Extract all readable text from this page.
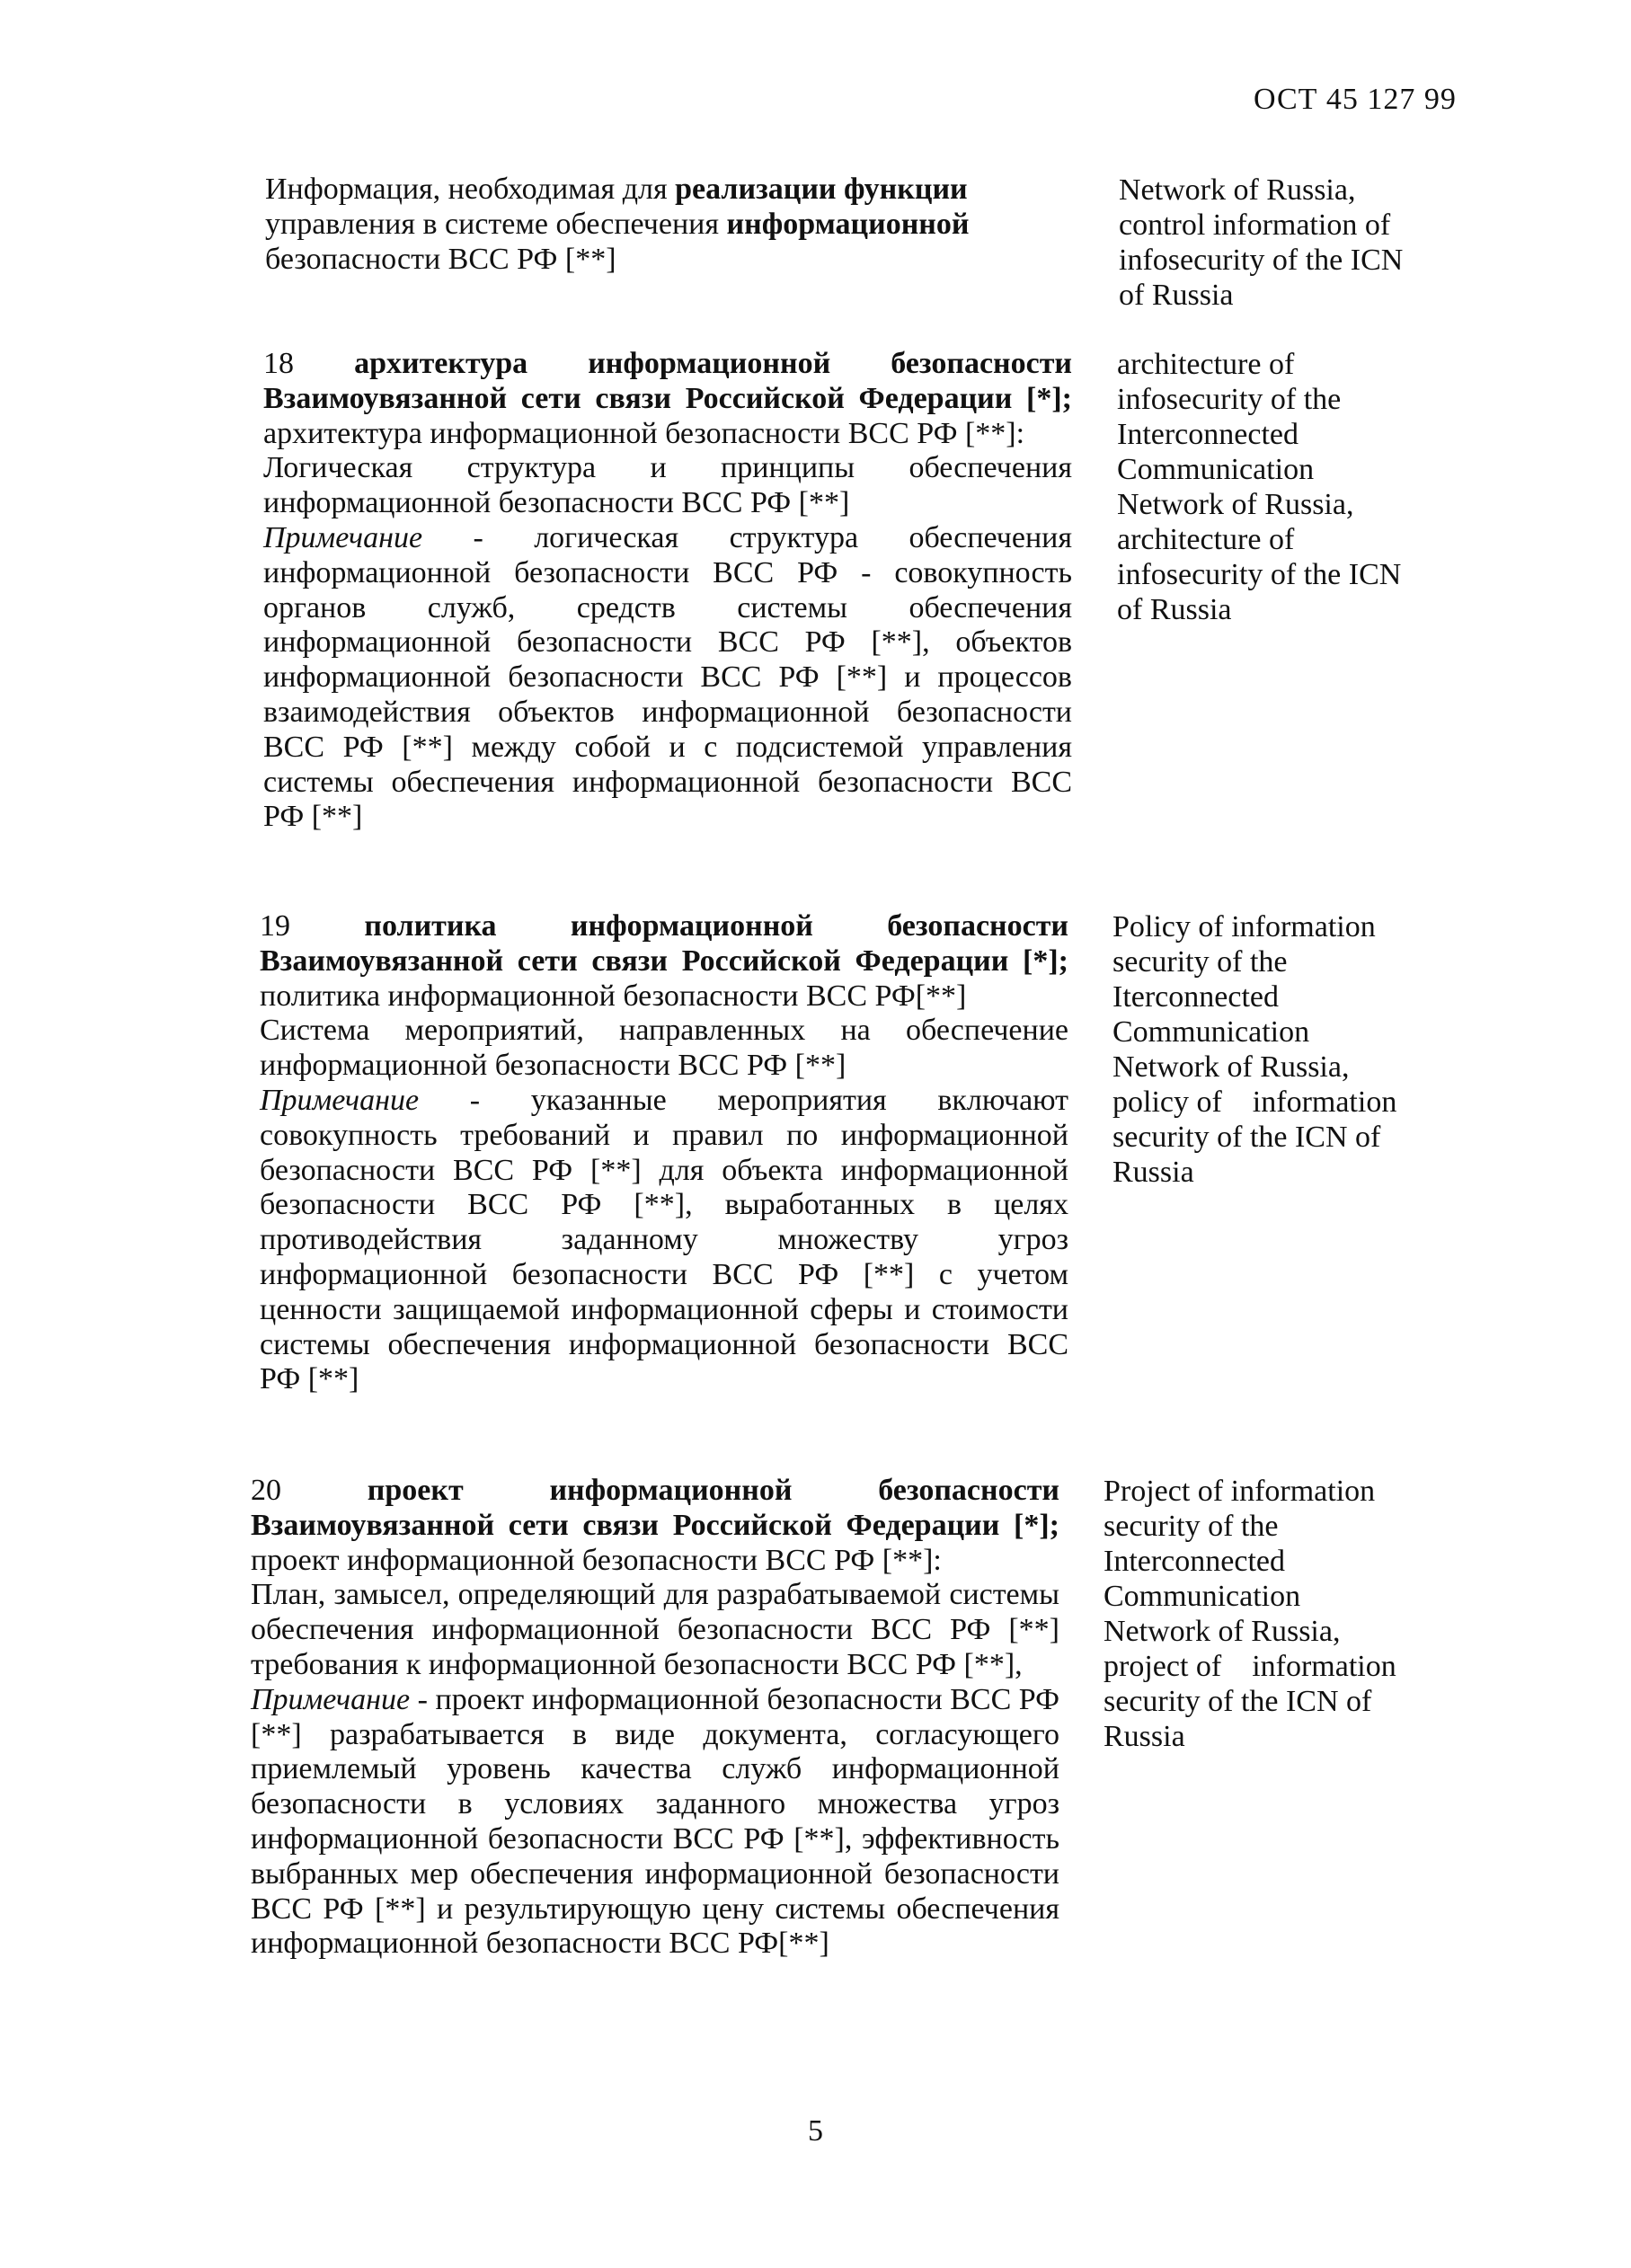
ОСТ 45 127 99
Информация, необходимая для реализации функции
управления в системе обеспечения информационной
безопасности ВСС РФ [**]
Network of Russia,
control information of
infosecurity of the ICN
of Russia
18 архитектура информационной безопасности Взаимоувязанной сети связи Российской Федерации [*]; архитектура информационной безопасности ВСС РФ [**]:
Логическая структура и принципы обеспечения информационной безопасности ВСС РФ [**]
Примечание - логическая структура обеспечения информационной безопасности ВСС РФ - совокупность органов служб, средств системы обеспечения информационной безопасности ВСС РФ [**], объектов информационной безопасности ВСС РФ [**] и процессов взаимодействия объектов информационной безопасности ВСС РФ [**] между собой и с подсистемой управления системы обеспечения информационной безопасности ВСС РФ [**]
architecture of
infosecurity of the
Interconnected
Communication
Network of Russia,
architecture of
infosecurity of the ICN
of Russia
19 политика информационной безопасности Взаимоувязанной сети связи Российской Федерации [*]; политика информационной безопасности ВСС РФ[**]
Система мероприятий, направленных на обеспечение информационной безопасности ВСС РФ [**]
Примечание - указанные мероприятия включают совокупность требований и правил по информационной безопасности ВСС РФ [**] для объекта информационной безопасности ВСС РФ [**], выработанных в целях противодействия заданному множеству угроз информационной безопасности ВСС РФ [**] с учетом ценности защищаемой информационной сферы и стоимости системы обеспечения информационной безопасности ВСС РФ [**]
Policy of information
security of the
Iterconnected
Communication
Network of Russia,
policy of    information
security of the ICN of
Russia
20 проект информационной безопасности Взаимоувязанной сети связи Российской Федерации [*]; проект информационной безопасности ВСС РФ [**]:
План, замысел, определяющий для разрабатываемой системы обеспечения информационной безопасности ВСС РФ [**] требования к информационной безопасности ВСС РФ [**],
Примечание - проект информационной безопасности ВСС РФ [**] разрабатывается в виде документа, согласующего приемлемый уровень качества служб информационной безопасности в условиях заданного множества угроз информационной безопасности ВСС РФ [**], эффективность выбранных мер обеспечения информационной безопасности ВСС РФ [**] и результирующую цену системы обеспечения информационной безопасности ВСС РФ[**]
Project of information
security of the
Interconnected
Communication
Network of Russia,
project of    information
security of the ICN of
Russia
5
